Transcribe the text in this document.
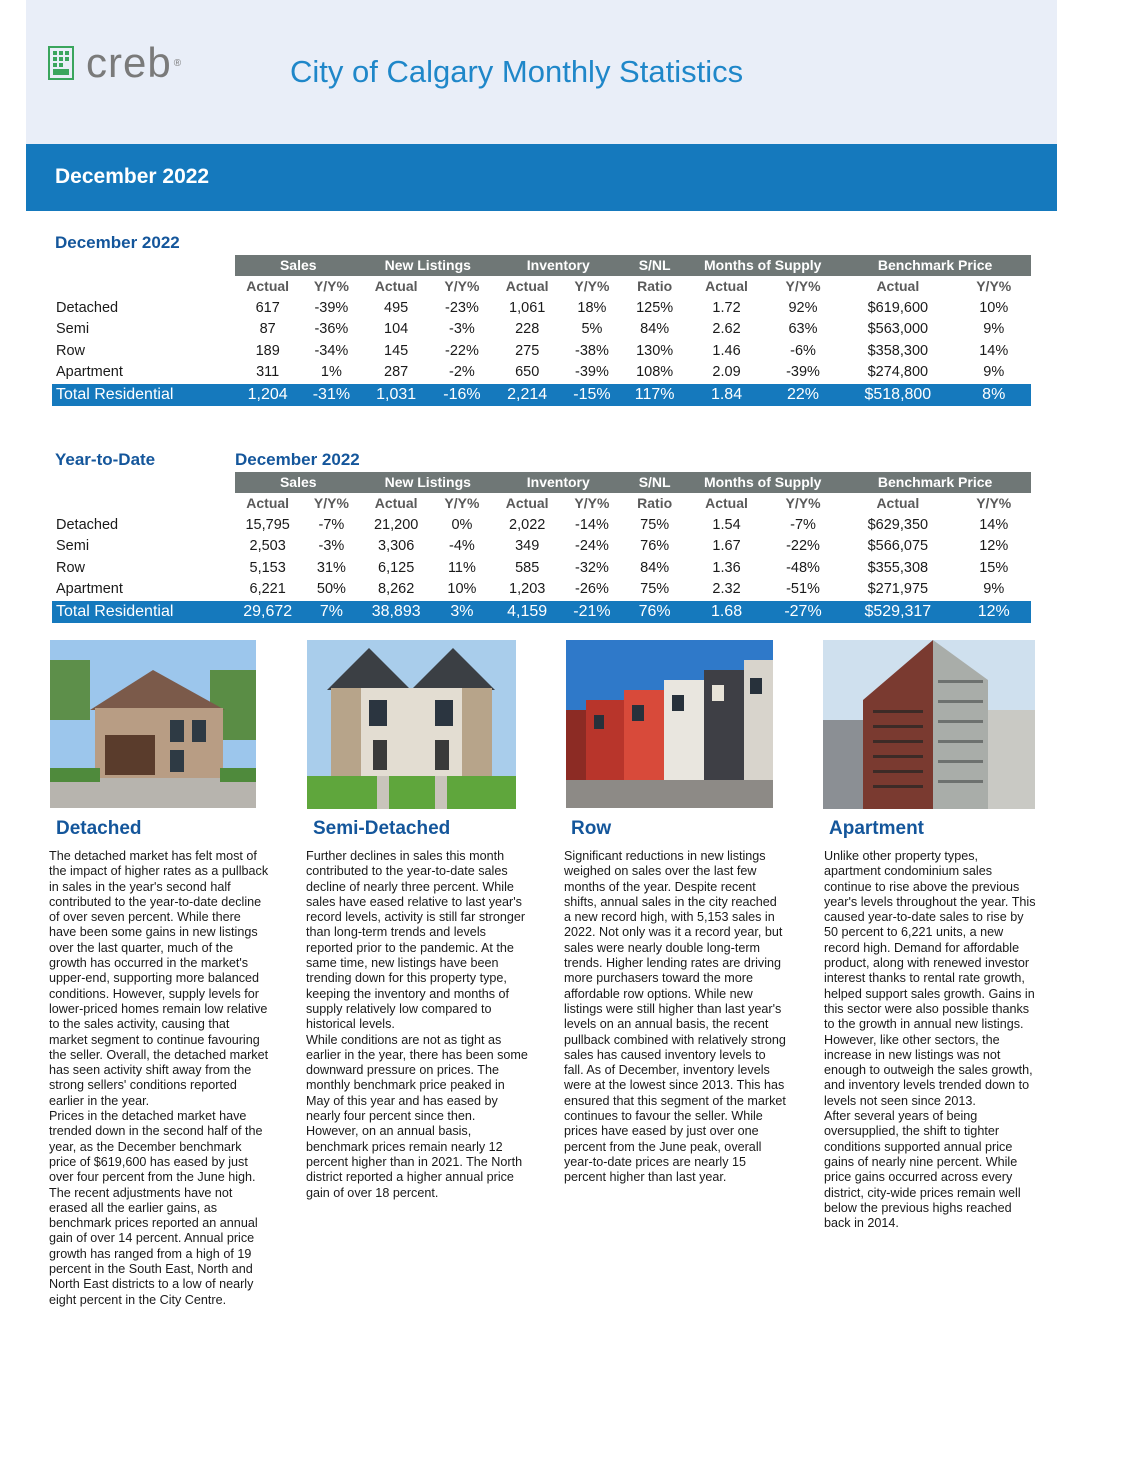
creb ®	City of Calgary Monthly Statistics
December 2022
December 2022
	Sales		New Listings		Inventory		S/NL	Months of Supply		Benchmark Price	
	Actual	Y/Y%	Actual	Y/Y%	Actual	Y/Y%	Ratio	Actual	Y/Y%	Actual	Y/Y%
Detached	617	-39%	495	-23%	1,061	18%	125%	1.72	92%	$619,600	10%
Semi	87	-36%	104	-3%	228	5%	84%	2.62	63%	$563,000	9%
Row	189	-34%	145	-22%	275	-38%	130%	1.46	-6%	$358,300	14%
Apartment	311	1%	287	-2%	650	-39%	108%	2.09	-39%	$274,800	9%
Total Residential	1,204	-31%	1,031	-16%	2,214	-15%	117%	1.84	22%	$518,800	8%
Year-to-Date	December 2022
	Sales		New Listings		Inventory		S/NL	Months of Supply		Benchmark Price	
	Actual	Y/Y%	Actual	Y/Y%	Actual	Y/Y%	Ratio	Actual	Y/Y%	Actual	Y/Y%
Detached	15,795	-7%	21,200	0%	2,022	-14%	75%	1.54	-7%	$629,350	14%
Semi	2,503	-3%	3,306	-4%	349	-24%	76%	1.67	-22%	$566,075	12%
Row	5,153	31%	6,125	11%	585	-32%	84%	1.36	-48%	$355,308	15%
Apartment	6,221	50%	8,262	10%	1,203	-26%	75%	2.32	-51%	$271,975	9%
Total Residential	29,672	7%	38,893	3%	4,159	-21%	76%	1.68	-27%	$529,317	12%
Detached	Semi-Detached	Row	Apartment

The detached market has felt most of the impact of higher rates as a pullback in sales in the year's second half contributed to the year-to-date decline of over seven percent. While there have been some gains in new listings over the last quarter, much of the growth has occurred in the market's upper-end, supporting more balanced conditions. However, supply levels for lower-priced homes remain low relative to the sales activity, causing that market segment to continue favouring the seller. Overall, the detached market has seen activity shift away from the strong sellers' conditions reported earlier in the year.

Prices in the detached market have trended down in the second half of the year, as the December benchmark price of $619,600 has eased by just over four percent from the June high. The recent adjustments have not erased all the earlier gains, as benchmark prices reported an annual gain of over 14 percent. Annual price growth has ranged from a high of 19 percent in the South East, North and North East districts to a low of nearly eight percent in the City Centre.

Further declines in sales this month contributed to the year-to-date sales decline of nearly three percent. While sales have eased relative to last year's record levels, activity is still far stronger than long-term trends and levels reported prior to the pandemic. At the same time, new listings have been trending down for this property type, keeping the inventory and months of supply relatively low compared to historical levels.

While conditions are not as tight as earlier in the year, there has been some downward pressure on prices. The monthly benchmark price peaked in May of this year and has eased by nearly four percent since then. However, on an annual basis, benchmark prices remain nearly 12 percent higher than in 2021. The North district reported a higher annual price gain of over 18 percent.

Significant reductions in new listings weighed on sales over the last few months of the year. Despite recent shifts, annual sales in the city reached a new record high, with 5,153 sales in 2022. Not only was it a record year, but sales were nearly double long-term trends. Higher lending rates are driving more purchasers toward the more affordable row options. While new listings were still higher than last year's levels on an annual basis, the recent pullback combined with relatively strong sales has caused inventory levels to fall. As of December, inventory levels were at the lowest since 2013. This has ensured that this segment of the market continues to favour the seller. While prices have eased by just over one percent from the June peak, overall year-to-date prices are nearly 15 percent higher than last year.

Unlike other property types, apartment condominium sales continue to rise above the previous year's levels throughout the year. This caused year-to-date sales to rise by 50 percent to 6,221 units, a new record high. Demand for affordable product, along with renewed investor interest thanks to rental rate growth, helped support sales growth. Gains in this sector were also possible thanks to the growth in annual new listings. However, like other sectors, the increase in new listings was not enough to outweigh the sales growth, and inventory levels trended down to levels not seen since 2013.

After several years of being oversupplied, the shift to tighter conditions supported annual price gains of nearly nine percent. While price gains occurred across every district, city-wide prices remain well below the previous highs reached back in 2014.
